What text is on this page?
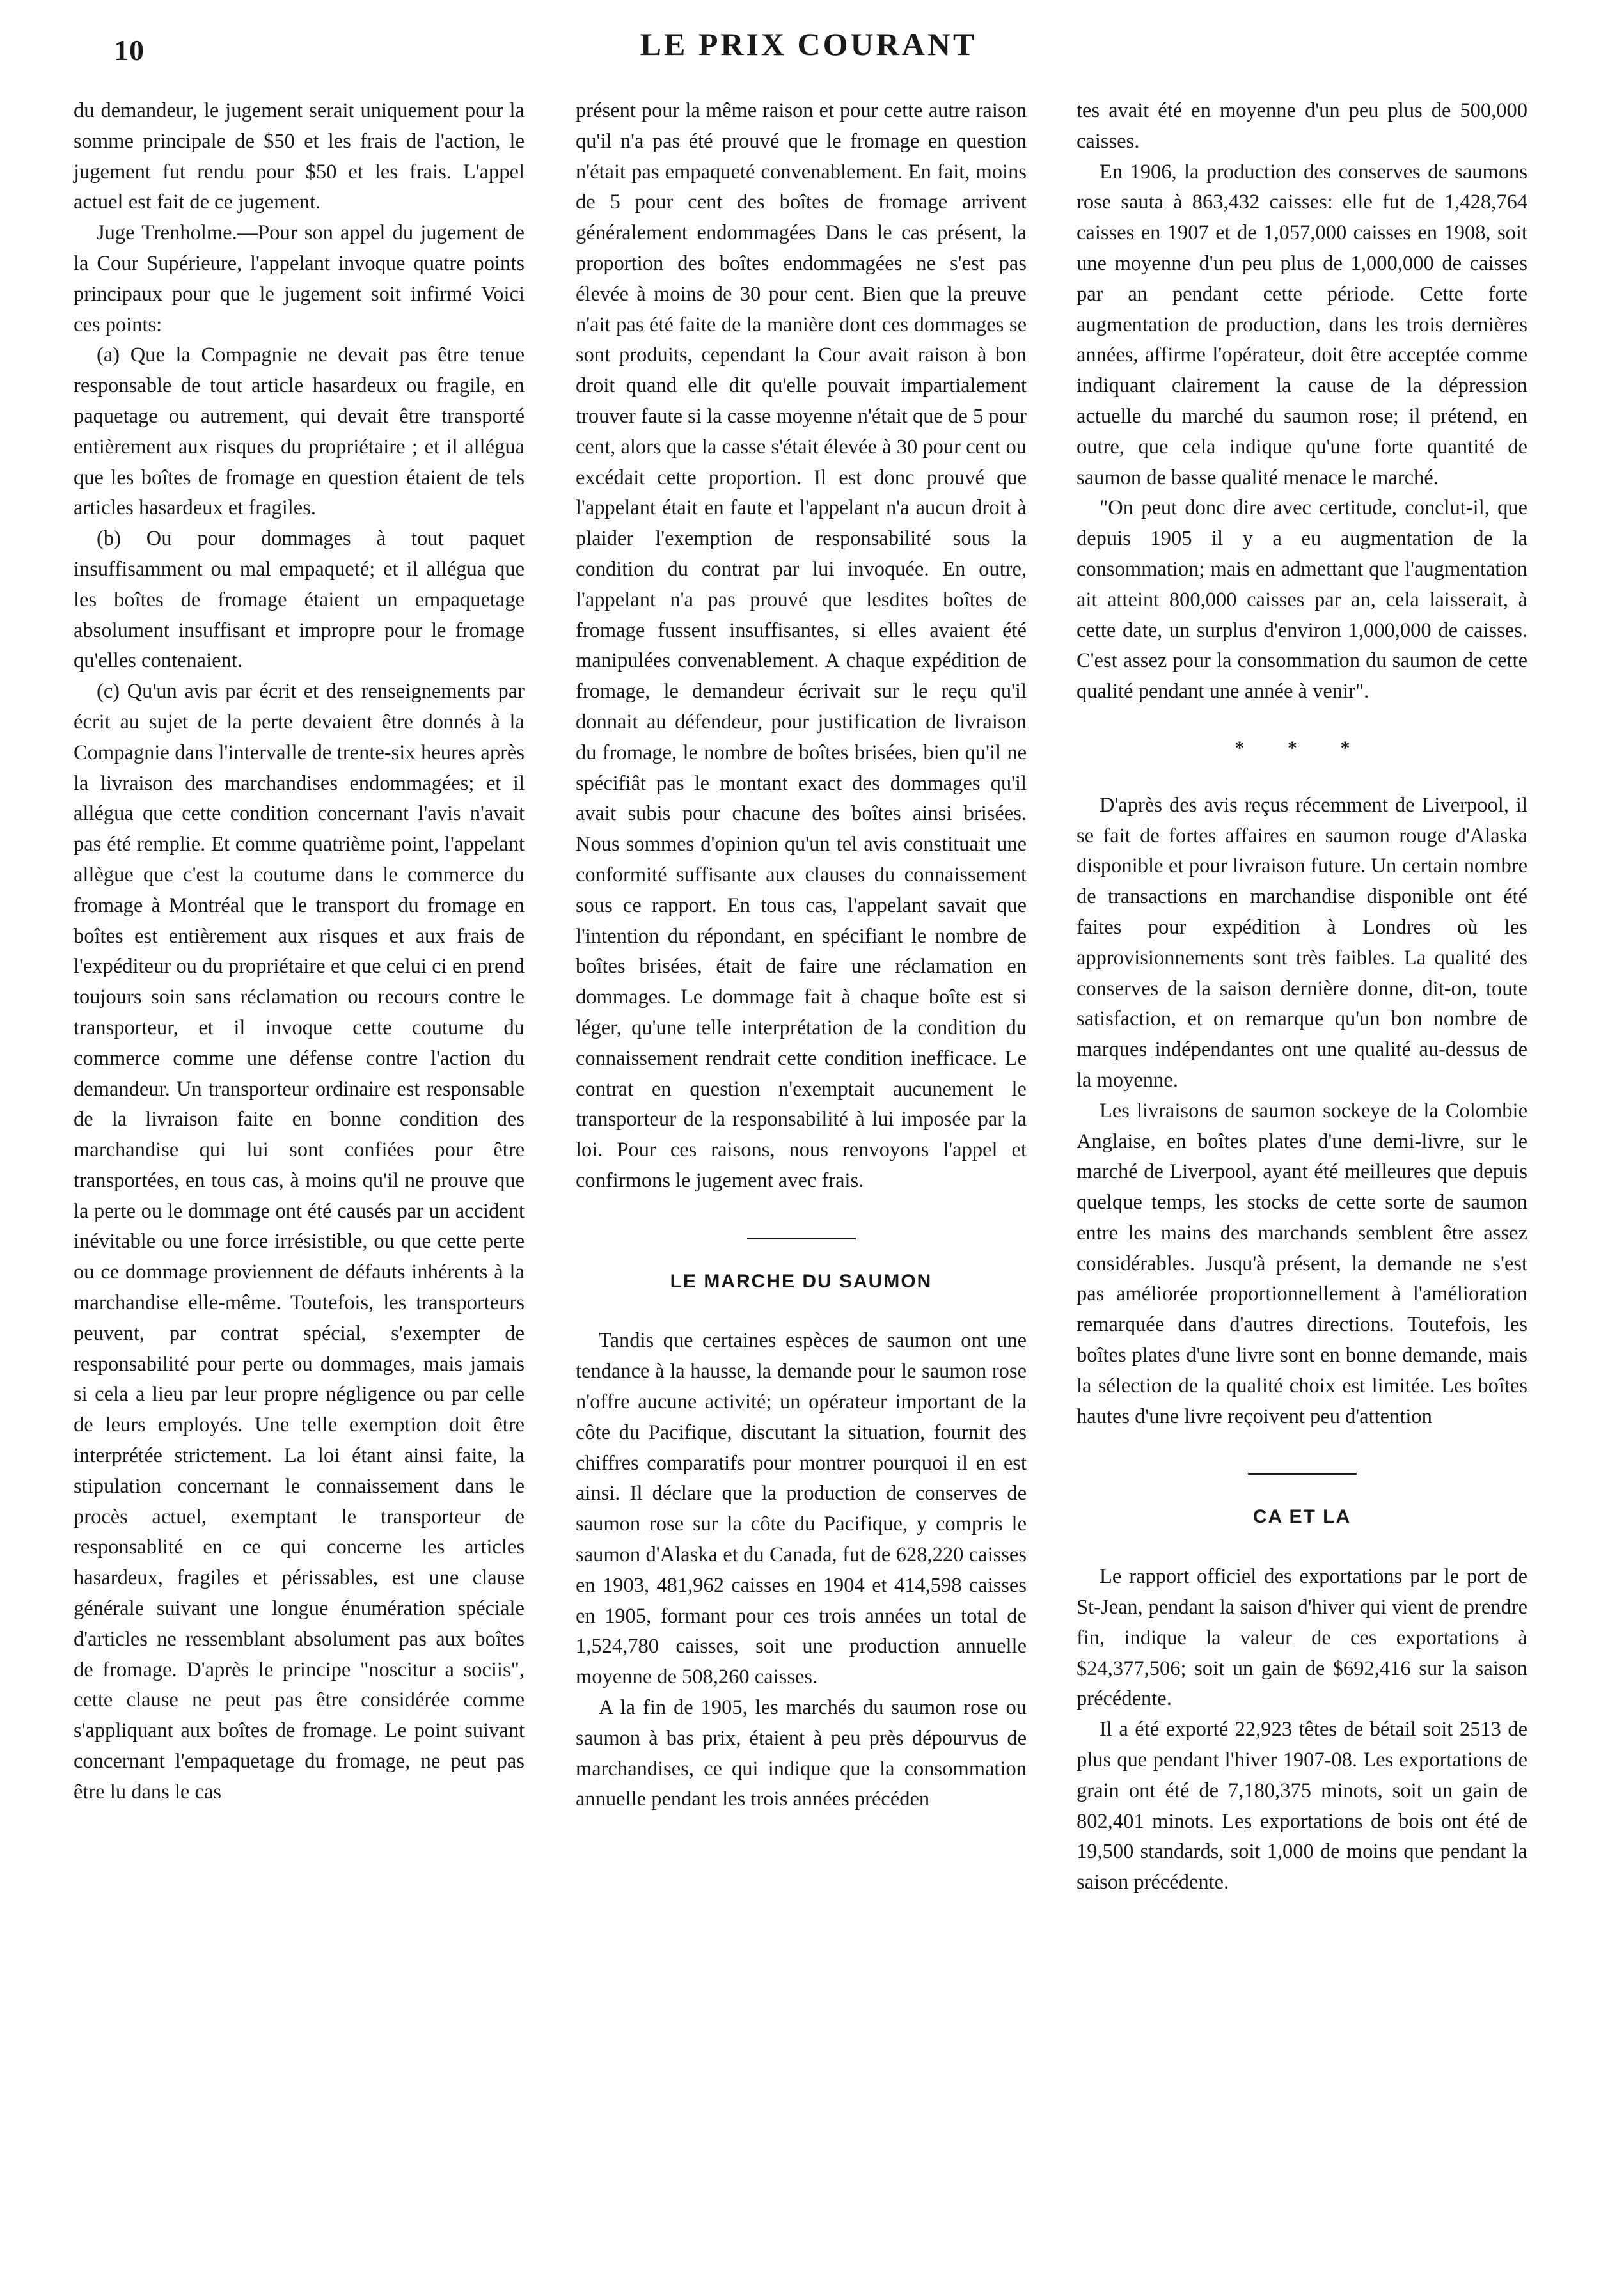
10	LE PRIX COURANT

du demandeur, le jugement serait uniquement pour la somme principale de $50 et les frais de l'action, le jugement fut rendu pour $50 et les frais. L'appel actuel est fait de ce jugement.

Juge Trenholme.—Pour son appel du jugement de la Cour Supérieure, l'appelant invoque quatre points principaux pour que le jugement soit infirmé Voici ces points:

(a) Que la Compagnie ne devait pas être tenue responsable de tout article hasardeux ou fragile, en paquetage ou autrement, qui devait être transporté entièrement aux risques du propriétaire ; et il allégua que les boîtes de fromage en question étaient de tels articles hasardeux et fragiles.

(b) Ou pour dommages à tout paquet insuffisamment ou mal empaqueté; et il allégua que les boîtes de fromage étaient un empaquetage absolument insuffisant et impropre pour le fromage qu'elles contenaient.

(c) Qu'un avis par écrit et des renseignements par écrit au sujet de la perte devaient être donnés à la Compagnie dans l'intervalle de trente-six heures après la livraison des marchandises endommagées; et il allégua que cette condition concernant l'avis n'avait pas été remplie. Et comme quatrième point, l'appelant allègue que c'est la coutume dans le commerce du fromage à Montréal que le transport du fromage en boîtes est entièrement aux risques et aux frais de l'expéditeur ou du propriétaire et que celui ci en prend toujours soin sans réclamation ou recours contre le transporteur, et il invoque cette coutume du commerce comme une défense contre l'action du demandeur. Un transporteur ordinaire est responsable de la livraison faite en bonne condition des marchandise qui lui sont confiées pour être transportées, en tous cas, à moins qu'il ne prouve que la perte ou le dommage ont été causés par un accident inévitable ou une force irrésistible, ou que cette perte ou ce dommage proviennent de défauts inhérents à la marchandise elle-même. Toutefois, les transporteurs peuvent, par contrat spécial, s'exempter de responsabilité pour perte ou dommages, mais jamais si cela a lieu par leur propre négligence ou par celle de leurs employés. Une telle exemption doit être interprétée strictement. La loi étant ainsi faite, la stipulation concernant le connaissement dans le procès actuel, exemptant le transporteur de responsablité en ce qui concerne les articles hasardeux, fragiles et périssables, est une clause générale suivant une longue énumération spéciale d'articles ne ressemblant absolument pas aux boîtes de fromage. D'après le principe "noscitur a sociis", cette clause ne peut pas être considérée comme s'appliquant aux boîtes de fromage. Le point suivant concernant l'empaquetage du fromage, ne peut pas être lu dans le cas

présent pour la même raison et pour cette autre raison qu'il n'a pas été prouvé que le fromage en question n'était pas empaqueté convenablement. En fait, moins de 5 pour cent des boîtes de fromage arrivent généralement endommagées Dans le cas présent, la proportion des boîtes endommagées ne s'est pas élevée à moins de 30 pour cent. Bien que la preuve n'ait pas été faite de la manière dont ces dommages se sont produits, cependant la Cour avait raison à bon droit quand elle dit qu'elle pouvait impartialement trouver faute si la casse moyenne n'était que de 5 pour cent, alors que la casse s'était élevée à 30 pour cent ou excédait cette proportion. Il est donc prouvé que l'appelant était en faute et l'appelant n'a aucun droit à plaider l'exemption de responsabilité sous la condition du contrat par lui invoquée. En outre, l'appelant n'a pas prouvé que lesdites boîtes de fromage fussent insuffisantes, si elles avaient été manipulées convenablement. A chaque expédition de fromage, le demandeur écrivait sur le reçu qu'il donnait au défendeur, pour justification de livraison du fromage, le nombre de boîtes brisées, bien qu'il ne spécifiât pas le montant exact des dommages qu'il avait subis pour chacune des boîtes ainsi brisées. Nous sommes d'opinion qu'un tel avis constituait une conformité suffisante aux clauses du connaissement sous ce rapport. En tous cas, l'appelant savait que l'intention du répondant, en spécifiant le nombre de boîtes brisées, était de faire une réclamation en dommages. Le dommage fait à chaque boîte est si léger, qu'une telle interprétation de la condition du connaissement rendrait cette condition inefficace. Le contrat en question n'exemptait aucunement le transporteur de la responsabilité à lui imposée par la loi. Pour ces raisons, nous renvoyons l'appel et confirmons le jugement avec frais.

LE MARCHE DU SAUMON

Tandis que certaines espèces de saumon ont une tendance à la hausse, la demande pour le saumon rose n'offre aucune activité; un opérateur important de la côte du Pacifique, discutant la situation, fournit des chiffres comparatifs pour montrer pourquoi il en est ainsi. Il déclare que la production de conserves de saumon rose sur la côte du Pacifique, y compris le saumon d'Alaska et du Canada, fut de 628,220 caisses en 1903, 481,962 caisses en 1904 et 414,598 caisses en 1905, formant pour ces trois années un total de 1,524,780 caisses, soit une production annuelle moyenne de 508,260 caisses.

A la fin de 1905, les marchés du saumon rose ou saumon à bas prix, étaient à peu près dépourvus de marchandises, ce qui indique que la consommation annuelle pendant les trois années précéden

tes avait été en moyenne d'un peu plus de 500,000 caisses.

En 1906, la production des conserves de saumons rose sauta à 863,432 caisses: elle fut de 1,428,764 caisses en 1907 et de 1,057,000 caisses en 1908, soit une moyenne d'un peu plus de 1,000,000 de caisses par an pendant cette période. Cette forte augmentation de production, dans les trois dernières années, affirme l'opérateur, doit être acceptée comme indiquant clairement la cause de la dépression actuelle du marché du saumon rose; il prétend, en outre, que cela indique qu'une forte quantité de saumon de basse qualité menace le marché.

"On peut donc dire avec certitude, conclut-il, que depuis 1905 il y a eu augmentation de la consommation; mais en admettant que l'augmentation ait atteint 800,000 caisses par an, cela laisserait, à cette date, un surplus d'environ 1,000,000 de caisses. C'est assez pour la consommation du saumon de cette qualité pendant une année à venir".

* * *

D'après des avis reçus récemment de Liverpool, il se fait de fortes affaires en saumon rouge d'Alaska disponible et pour livraison future. Un certain nombre de transactions en marchandise disponible ont été faites pour expédition à Londres où les approvisionnements sont très faibles. La qualité des conserves de la saison dernière donne, dit-on, toute satisfaction, et on remarque qu'un bon nombre de marques indépendantes ont une qualité au-dessus de la moyenne.

Les livraisons de saumon sockeye de la Colombie Anglaise, en boîtes plates d'une demi-livre, sur le marché de Liverpool, ayant été meilleures que depuis quelque temps, les stocks de cette sorte de saumon entre les mains des marchands semblent être assez considérables. Jusqu'à présent, la demande ne s'est pas améliorée proportionnellement à l'amélioration remarquée dans d'autres directions. Toutefois, les boîtes plates d'une livre sont en bonne demande, mais la sélection de la qualité choix est limitée. Les boîtes hautes d'une livre reçoivent peu d'attention

CA ET LA

Le rapport officiel des exportations par le port de St-Jean, pendant la saison d'hiver qui vient de prendre fin, indique la valeur de ces exportations à $24,377,506; soit un gain de $692,416 sur la saison précédente.

Il a été exporté 22,923 têtes de bétail soit 2513 de plus que pendant l'hiver 1907-08. Les exportations de grain ont été de 7,180,375 minots, soit un gain de 802,401 minots. Les exportations de bois ont été de 19,500 standards, soit 1,000 de moins que pendant la saison précédente.
